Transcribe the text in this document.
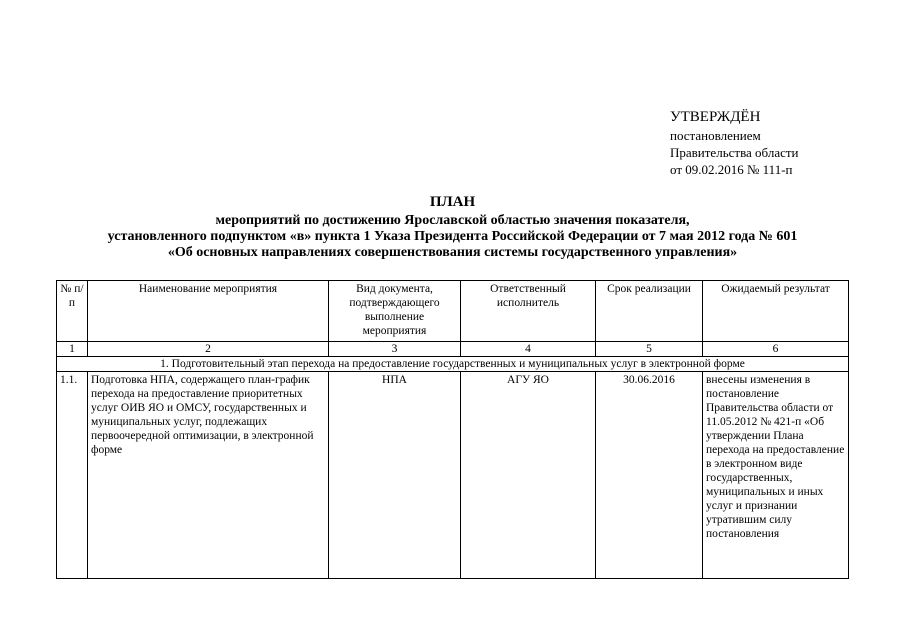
УТВЕРЖДЁН
постановлением
Правительства области
от 09.02.2016 № 111-п
ПЛАН
мероприятий по достижению Ярославской областью значения показателя,
установленного подпунктом «в» пункта 1 Указа Президента Российской Федерации от 7 мая 2012 года № 601
«Об основных направлениях совершенствования системы государственного управления»
№ п/п	Наименование мероприятия	Вид документа, подтверждающего выполнение мероприятия	Ответственный исполнитель	Срок реализации	Ожидаемый результат
1	2	3	4	5	6
1. Подготовительный этап перехода на предоставление государственных и муниципальных услуг в электронной форме					
1.1.	Подготовка НПА, содержащего план-график перехода на предоставление приоритетных услуг ОИВ ЯО и ОМСУ, государственных и муниципальных услуг, подлежащих первоочередной оптимизации, в электронной форме	НПА	АГУ ЯО	30.06.2016	внесены изменения в постановление Правительства области от 11.05.2012 № 421-п «Об утверждении Плана перехода на предоставление в электронном виде государственных, муниципальных и иных услуг и признании утратившим силу постановления
